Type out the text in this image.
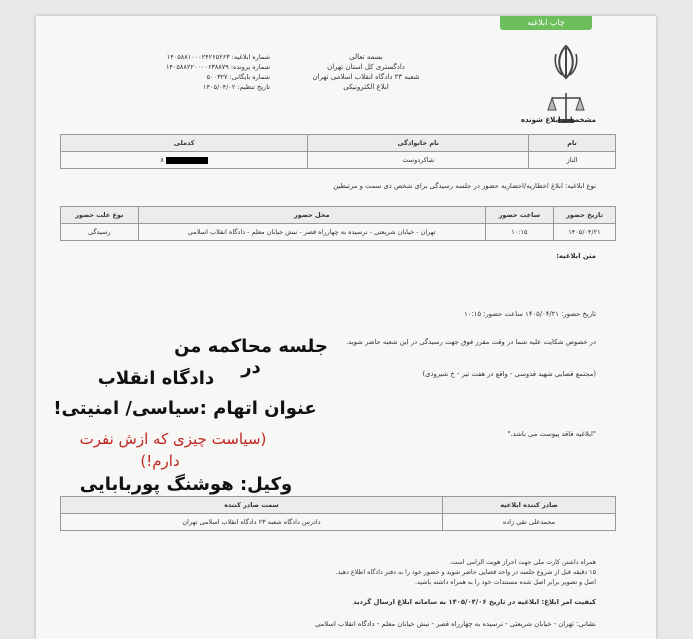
چاپ ابلاغیه

بسمه تعالی
دادگستری کل استان تهران
شعبه ۲۳ دادگاه انقلاب اسلامی تهران
ابلاغ الکترونیکی
شماره ابلاغیه: ۱۴۰۵۸۸۱۰۰۰۲۴۲۶۵۲۶۳
شماره پرونده: ۱۴۰۵۸۸۲۲۰۰۰۰۶۳۸۸۷۹
شماره بایگانی: ۵۰۰۳۲۷
تاریخ تنظیم: ۱۴۰۵/۰۴/۰۲
مشخصات ابلاغ شونده
نام	نام خانوادگی	کدملی
الناز	شاکردوست	۸
نوع ابلاغیه: ابلاغ اخطاریه/احضاریه حضور در جلسه رسیدگی برای شخص ذی سمت و مرتبطین
تاریخ حضور	ساعت حضور	محل حضور	نوع علت حضور
۱۴۰۵/۰۴/۲۱	۱۰:۱۵	تهران - خیابان شریعتی - نرسیده به چهارراه قصر - نبش خیابان معلم - دادگاه انقلاب اسلامی	رسیدگی
متن ابلاغیه:
تاریخ حضور: ۱۴۰۵/۰۴/۲۱ ساعت حضور: ۱۰:۱۵
در خصوص شکایت علیه شما در وقت مقرر فوق جهت رسیدگی در این شعبه حاضر شوید.
(مجتمع قضایی شهید قدوسی - واقع در هفت تیر - خ شیرودی)
"ابلاغیه فاقد پیوست می باشد."
صادر کننده ابلاغیه	سمت صادر کننده
محمدعلی تقی زاده	دادرس دادگاه شعبه ۲۳ دادگاه انقلاب اسلامی تهران
همراه داشتن کارت ملی جهت احراز هویت الزامی است.
۱۵ دقیقه قبل از شروع جلسه در واحد قضایی حاضر شوید و حضور خود را به دفتر دادگاه اطلاع دهید.
اصل و تصویر برابر اصل شده مستندات خود را به همراه داشته باشید.
کیفیت امر ابلاغ: ابلاغیه در تاریخ ۱۴۰۵/۰۴/۰۶ به سامانه ابلاغ ارسال گردید
نشانی: تهران - خیابان شریعتی - نرسیده به چهارراه قصر - نبش خیابان معلم - دادگاه انقلاب اسلامی
جلسه محاکمه من در
دادگاه انقلاب
عنوان اتهام :سیاسی/ امنیتی!
(سیاست چیزی که ازش نفرت
دارم!)
وکیل: هوشنگ پوربابایی
